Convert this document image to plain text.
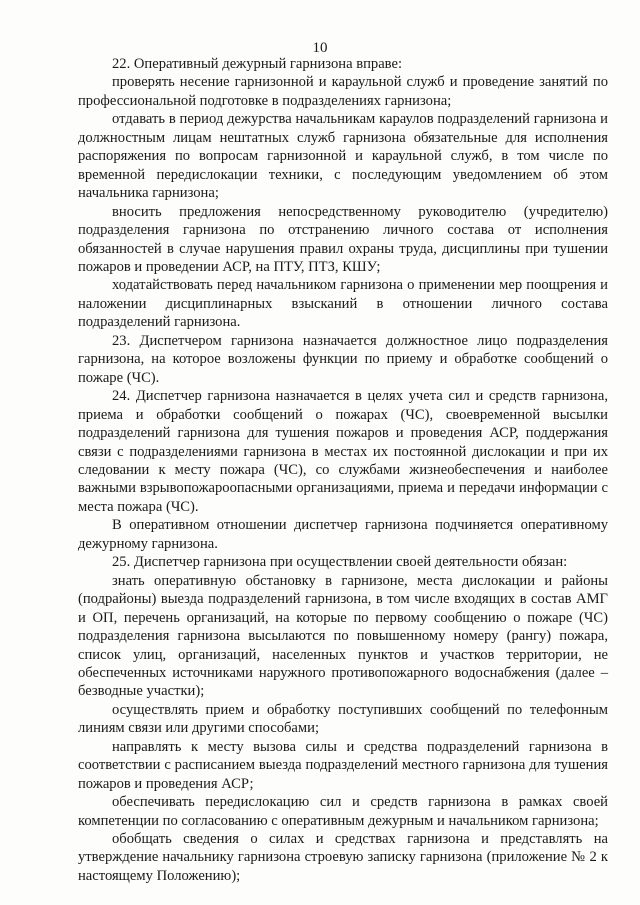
10

22. Оперативный дежурный гарнизона вправе:

проверять несение гарнизонной и караульной служб и проведение занятий по профессиональной подготовке в подразделениях гарнизона;

отдавать в период дежурства начальникам караулов подразделений гарнизона и должностным лицам нештатных служб гарнизона обязательные для исполнения распоряжения по вопросам гарнизонной и караульной служб, в том числе по временной передислокации техники, с последующим уведомлением об этом начальника гарнизона;

вносить предложения непосредственному руководителю (учредителю) подразделения гарнизона по отстранению личного состава от исполнения обязанностей в случае нарушения правил охраны труда, дисциплины при тушении пожаров и проведении АСР, на ПТУ, ПТЗ, КШУ;

ходатайствовать перед начальником гарнизона о применении мер поощрения и наложении дисциплинарных взысканий в отношении личного состава подразделений гарнизона.

23. Диспетчером гарнизона назначается должностное лицо подразделения гарнизона, на которое возложены функции по приему и обработке сообщений о пожаре (ЧС).

24. Диспетчер гарнизона назначается в целях учета сил и средств гарнизона, приема и обработки сообщений о пожарах (ЧС), своевременной высылки подразделений гарнизона для тушения пожаров и проведения АСР, поддержания связи с подразделениями гарнизона в местах их постоянной дислокации и при их следовании к месту пожара (ЧС), со службами жизнеобеспечения и наиболее важными взрывопожароопасными организациями, приема и передачи информации с места пожара (ЧС).

В оперативном отношении диспетчер гарнизона подчиняется оперативному дежурному гарнизона.

25. Диспетчер гарнизона при осуществлении своей деятельности обязан:

знать оперативную обстановку в гарнизоне, места дислокации и районы (подрайоны) выезда подразделений гарнизона, в том числе входящих в состав АМГ и ОП, перечень организаций, на которые по первому сообщению о пожаре (ЧС) подразделения гарнизона высылаются по повышенному номеру (рангу) пожара, список улиц, организаций, населенных пунктов и участков территории, не обеспеченных источниками наружного противопожарного водоснабжения (далее – безводные участки);

осуществлять прием и обработку поступивших сообщений по телефонным линиям связи или другими способами;

направлять к месту вызова силы и средства подразделений гарнизона в соответствии с расписанием выезда подразделений местного гарнизона для тушения пожаров и проведения АСР;

обеспечивать передислокацию сил и средств гарнизона в рамках своей компетенции по согласованию с оперативным дежурным и начальником гарнизона;

обобщать сведения о силах и средствах гарнизона и представлять на утверждение начальнику гарнизона строевую записку гарнизона (приложение № 2 к настоящему Положению);
